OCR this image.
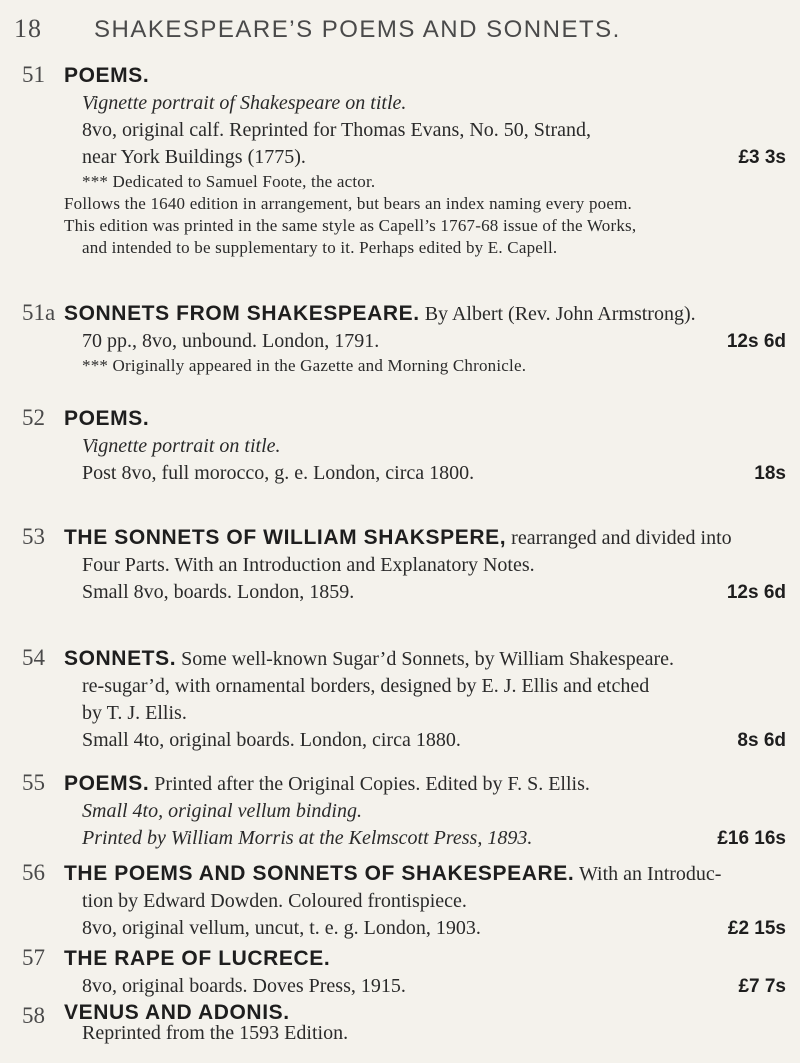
18 SHAKESPEARE’S POEMS AND SONNETS.
51 POEMS.
Vignette portrait of Shakespeare on title.
8vo, original calf. Reprinted for Thomas Evans, No. 50, Strand,
near York Buildings (1775).	£3 3s
*** Dedicated to Samuel Foote, the actor.
Follows the 1640 edition in arrangement, but bears an index naming every poem.
This edition was printed in the same style as Capell’s 1767-68 issue of the Works,
and intended to be supplementary to it. Perhaps edited by E. Capell.
51a SONNETS FROM SHAKESPEARE. By Albert (Rev. John Armstrong).
70 pp., 8vo, unbound. London, 1791.	12s 6d
*** Originally appeared in the Gazette and Morning Chronicle.
52 POEMS.
Vignette portrait on title.
Post 8vo, full morocco, g. e. London, circa 1800.	18s
53 THE SONNETS OF WILLIAM SHAKSPERE, rearranged and divided into
Four Parts. With an Introduction and Explanatory Notes.
Small 8vo, boards. London, 1859.	12s 6d
54 SONNETS. Some well-known Sugar’d Sonnets, by William Shakespeare.
re-sugar’d, with ornamental borders, designed by E. J. Ellis and etched
by T. J. Ellis.
Small 4to, original boards. London, circa 1880.	8s 6d
55 POEMS. Printed after the Original Copies. Edited by F. S. Ellis.
Small 4to, original vellum binding.
Printed by William Morris at the Kelmscott Press, 1893.	£16 16s
56 THE POEMS AND SONNETS OF SHAKESPEARE. With an Introduc-
tion by Edward Dowden. Coloured frontispiece.
8vo, original vellum, uncut, t. e. g. London, 1903.	£2 15s
57 THE RAPE OF LUCRECE.
8vo, original boards. Doves Press, 1915.	£7 7s
58 VENUS AND ADONIS.
Reprinted from the 1593 Edition.
